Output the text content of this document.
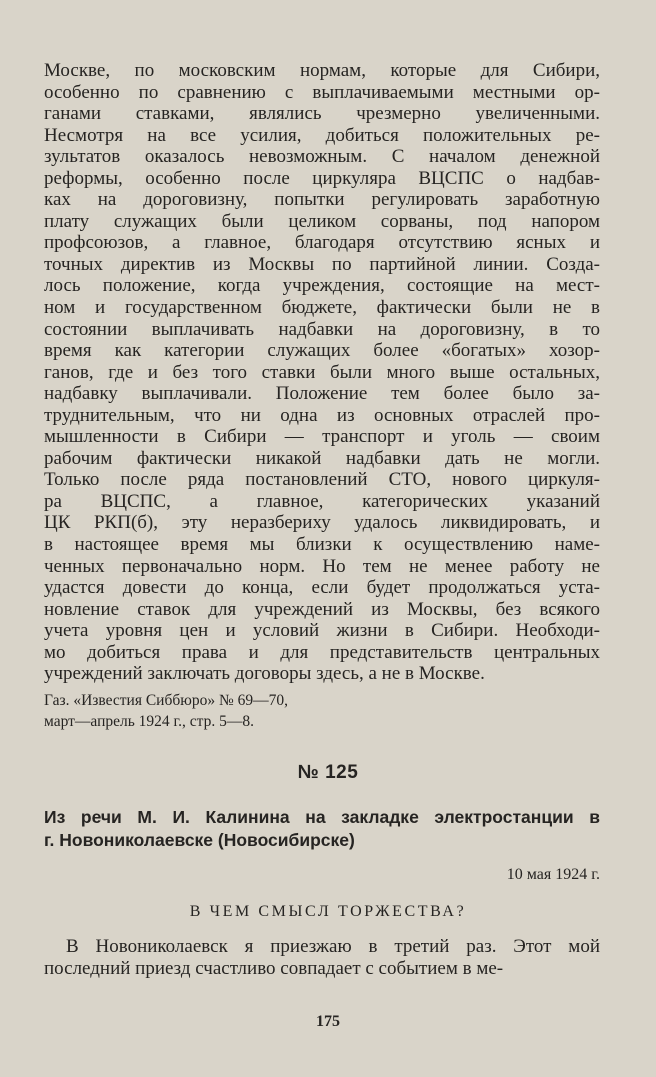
Москве, по московским нормам, которые для Сибири,
особенно по сравнению с выплачиваемыми местными ор-
ганами ставками, являлись чрезмерно увеличенными.
Несмотря на все усилия, добиться положительных ре-
зультатов оказалось невозможным. С началом денежной
реформы, особенно после циркуляра ВЦСПС о надбав-
ках на дороговизну, попытки регулировать заработную
плату служащих были целиком сорваны, под напором
профсоюзов, а главное, благодаря отсутствию ясных и
точных директив из Москвы по партийной линии. Созда-
лось положение, когда учреждения, состоящие на мест-
ном и государственном бюджете, фактически были не в
состоянии выплачивать надбавки на дороговизну, в то
время как категории служащих более «богатых» хозор-
ганов, где и без того ставки были много выше остальных,
надбавку выплачивали. Положение тем более было за-
труднительным, что ни одна из основных отраслей про-
мышленности в Сибири — транспорт и уголь — своим
рабочим фактически никакой надбавки дать не могли.
Только после ряда постановлений СТО, нового циркуля-
ра ВЦСПС, а главное, категорических указаний
ЦК РКП(б), эту неразбериху удалось ликвидировать, и
в настоящее время мы близки к осуществлению наме-
ченных первоначально норм. Но тем не менее работу не
удастся довести до конца, если будет продолжаться уста-
новление ставок для учреждений из Москвы, без всякого
учета уровня цен и условий жизни в Сибири. Необходи-
мо добиться права и для представительств центральных
учреждений заключать договоры здесь, а не в Москве.
Газ. «Известия Сиббюро» № 69—70,
март—апрель 1924 г., стр. 5—8.
№ 125
Из речи М. И. Калинина на закладке электростанции в
г. Новониколаевске (Новосибирске)
10 мая 1924 г.
В ЧЕМ СМЫСЛ ТОРЖЕСТВА?
В Новониколаевск я приезжаю в третий раз. Этот мой
последний приезд счастливо совпадает с событием в ме-
175
